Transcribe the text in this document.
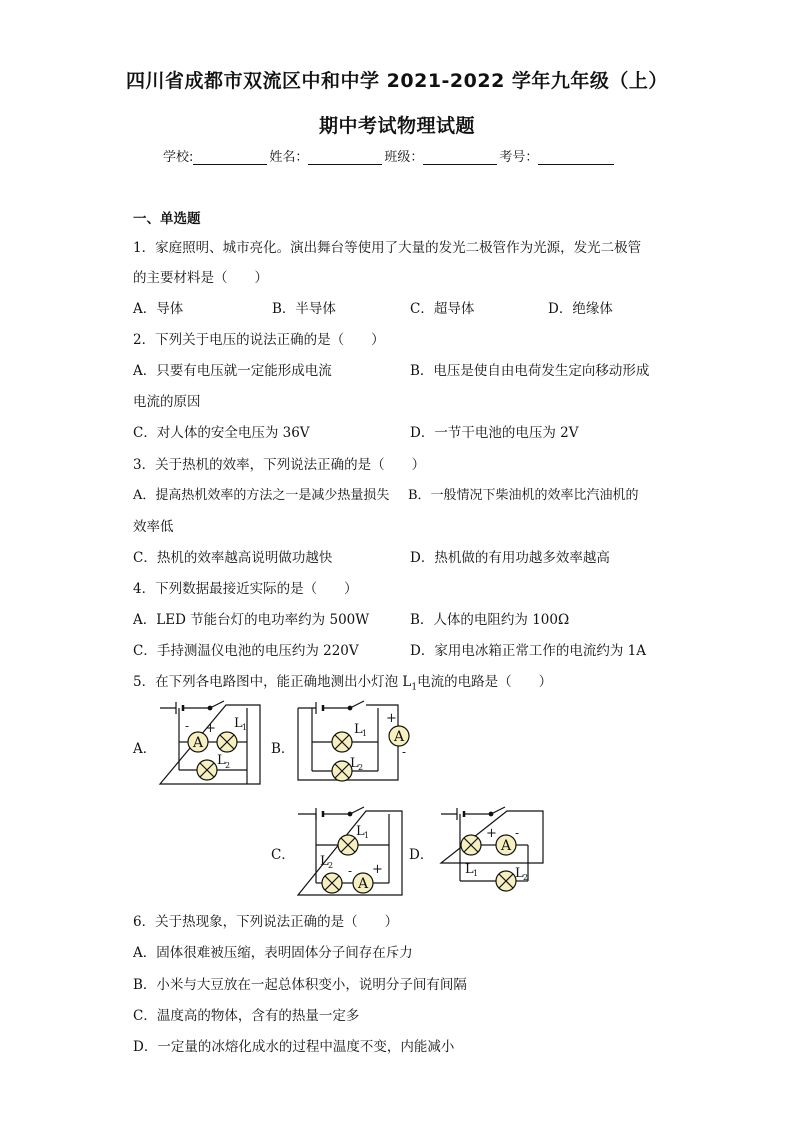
四川省成都市双流区中和中学 2021-2022 学年九年级（上）
期中考试物理试题
学校:	姓名：	班级：	考号：
一、单选题
1．家庭照明、城市亮化。演出舞台等使用了大量的发光二极管作为光源，发光二极管
的主要材料是（　　）
A．导体	B．半导体	C．超导体	D．绝缘体
2．下列关于电压的说法正确的是（　　）
A．只要有电压就一定能形成电流	B．电压是使自由电荷发生定向移动形成
电流的原因
C．对人体的安全电压为 36V	D．一节干电池的电压为 2V
3．关于热机的效率，下列说法正确的是（　　）
A．提高热机效率的方法之一是减少热量损失 B．一般情况下柴油机的效率比汽油机的
效率低
C．热机的效率越高说明做功越快	D．热机做的有用功越多效率越高
4．下列数据最接近实际的是（　　）
A．LED 节能台灯的电功率约为 500W	B．人体的电阻约为 100Ω
C．手持测温仪电池的电压约为 220V	D．家用电冰箱正常工作的电流约为 1A
5．在下列各电路图中，能正确地测出小灯泡 $L_1$电流的电路是（　　）
A．	B．
C．	D．
A
- + L 1
L 2
A
+
-
L 1
L 2
A
L 1
L 2 - +
A
+ -
L 1	L 2
6．关于热现象，下列说法正确的是（　　）
A．固体很难被压缩，表明固体分子间存在斥力
B．小米与大豆放在一起总体积变小，说明分子间有间隔
C．温度高的物体，含有的热量一定多
D．一定量的冰熔化成水的过程中温度不变，内能减小
